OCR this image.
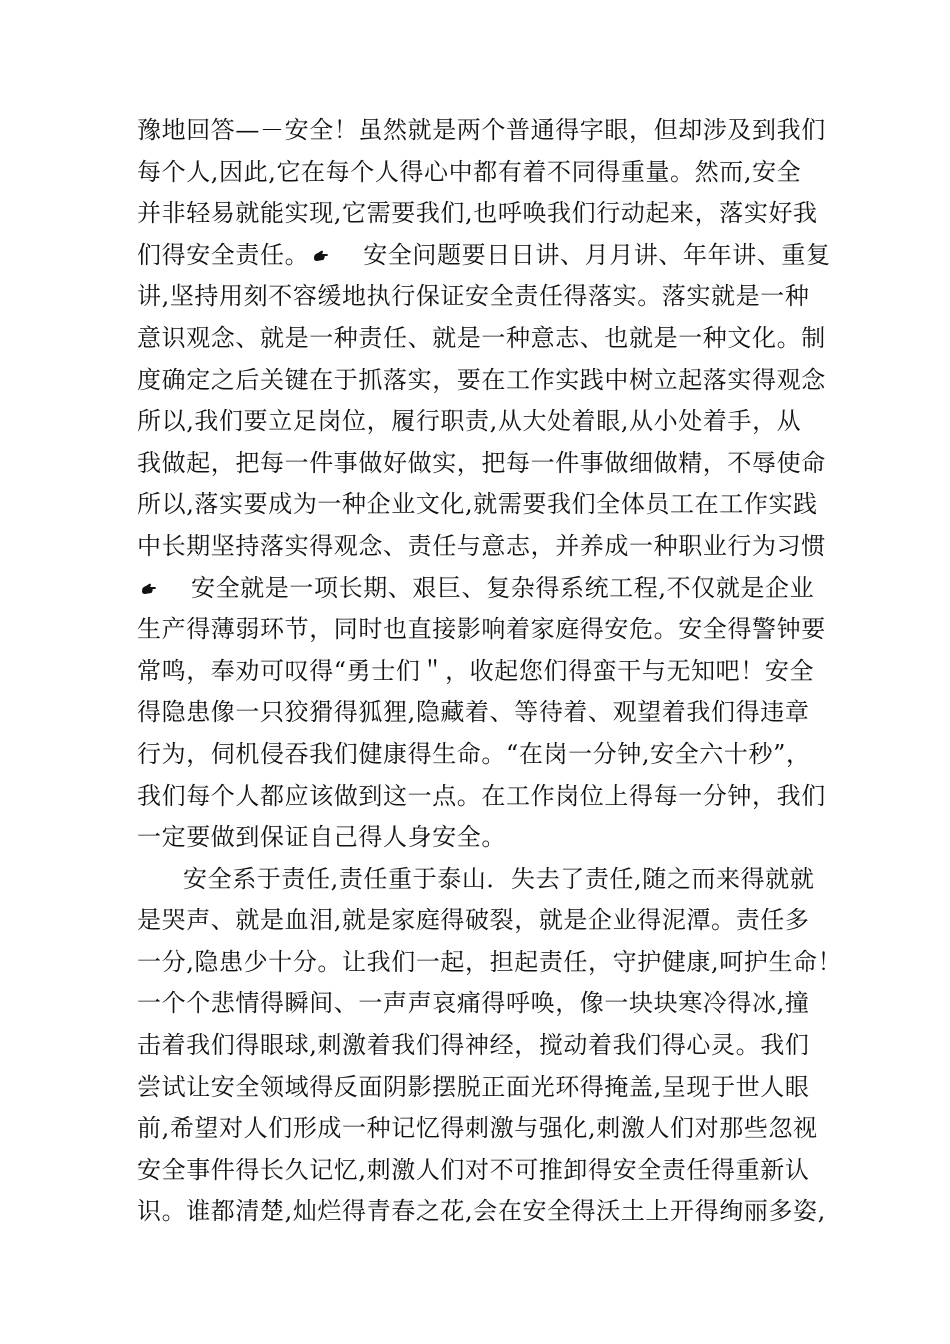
豫地回答—－安全！虽然就是两个普通得字眼，但却涉及到我们
每个人,因此,它在每个人得心中都有着不同得重量。然而,安全
并非轻易就能实现,它需要我们,也呼唤我们行动起来，落实好我
们得安全责任。 安全问题要日日讲、月月讲、年年讲、重复
讲,坚持用刻不容缓地执行保证安全责任得落实。落实就是一种
意识观念、就是一种责任、就是一种意志、也就是一种文化。制
度确定之后关键在于抓落实，要在工作实践中树立起落实得观念
所以,我们要立足岗位，履行职责,从大处着眼,从小处着手，从
我做起，把每一件事做好做实，把每一件事做细做精，不辱使命
所以,落实要成为一种企业文化,就需要我们全体员工在工作实践
中长期坚持落实得观念、责任与意志，并养成一种职业行为习惯
安全就是一项长期、艰巨、复杂得系统工程,不仅就是企业
生产得薄弱环节，同时也直接影响着家庭得安危。安全得警钟要
常鸣，奉劝可叹得“勇士们＂，收起您们得蛮干与无知吧！安全
得隐患像一只狡猾得狐狸,隐藏着、等待着、观望着我们得违章
行为，伺机侵吞我们健康得生命。“在岗一分钟,安全六十秒”，
我们每个人都应该做到这一点。在工作岗位上得每一分钟，我们
一定要做到保证自己得人身安全。
安全系于责任,责任重于泰山．失去了责任,随之而来得就就
是哭声、就是血泪,就是家庭得破裂，就是企业得泥潭。责任多
一分,隐患少十分。让我们一起，担起责任，守护健康,呵护生命！
一个个悲情得瞬间、一声声哀痛得呼唤，像一块块寒冷得冰,撞
击着我们得眼球,刺激着我们得神经，搅动着我们得心灵。我们
尝试让安全领域得反面阴影摆脱正面光环得掩盖,呈现于世人眼
前,希望对人们形成一种记忆得刺激与强化,刺激人们对那些忽视
安全事件得长久记忆,刺激人们对不可推卸得安全责任得重新认
识。谁都清楚,灿烂得青春之花,会在安全得沃土上开得绚丽多姿,
